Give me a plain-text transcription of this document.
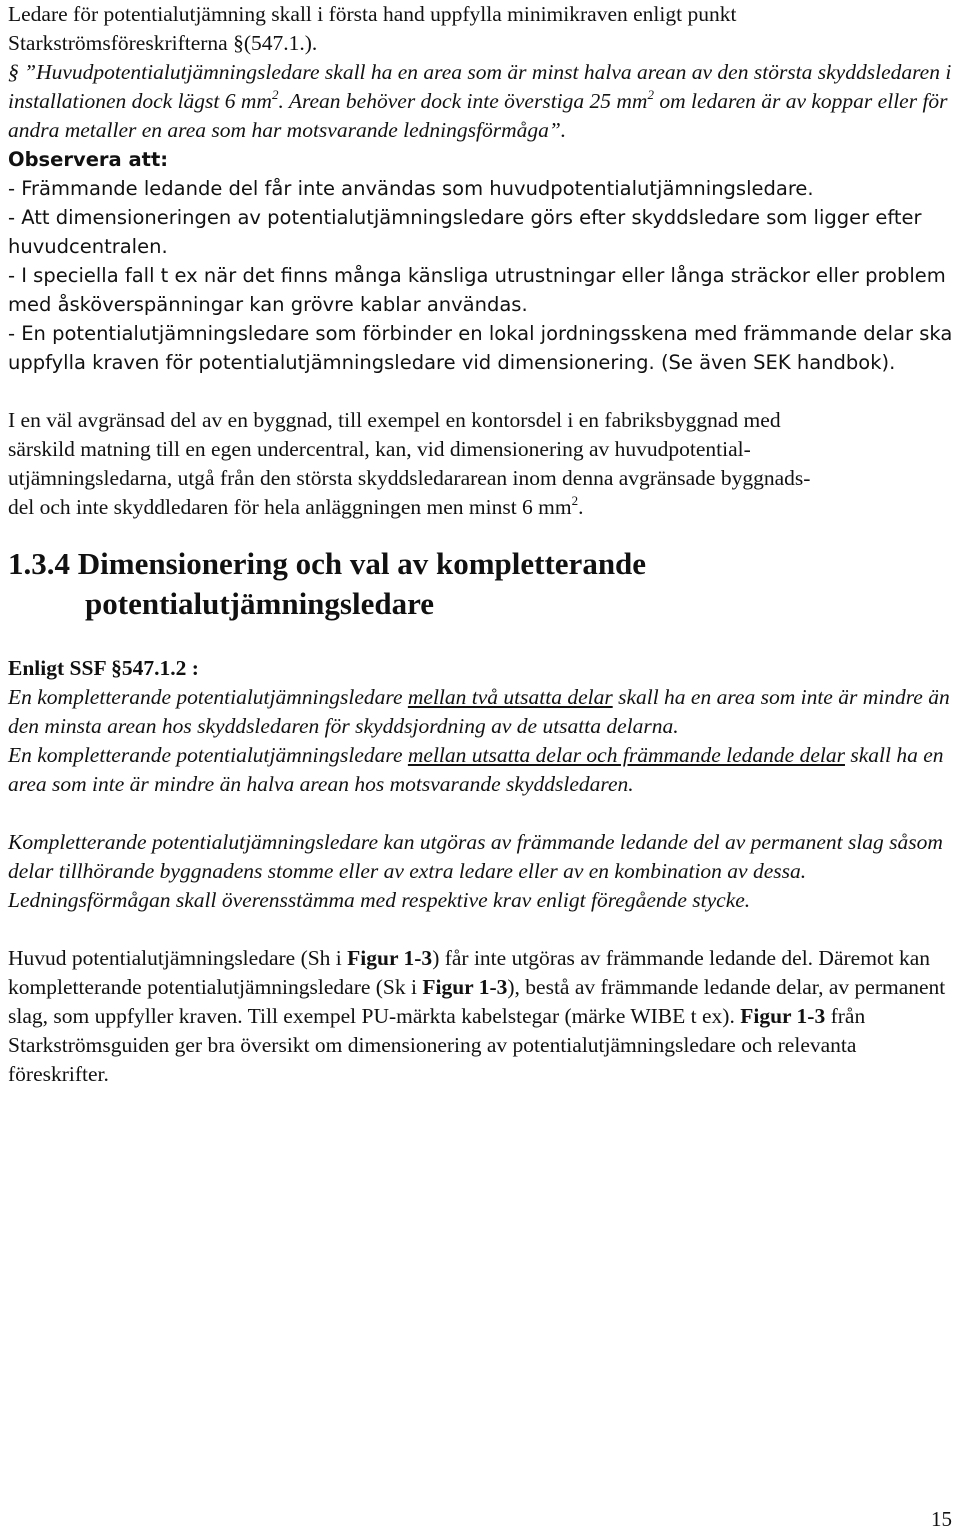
Ledare för potentialutjämning skall i första hand uppfylla minimikraven enligt punkt

Starkströmsföreskrifterna §(547.1.).

§ ”Huvudpotentialutjämningsledare skall ha en area som är minst halva arean av den största skyddsledaren i installationen dock lägst 6 $mm^2$. Arean behöver dock inte överstiga 25 $mm^2$ om ledaren är av koppar eller för andra metaller en area som har motsvarande ledningsförmåga”.

Observera att:

- Främmande ledande del får inte användas som huvudpotentialutjämningsledare.

- Att dimensioneringen av potentialutjämningsledare görs efter skyddsledare som ligger efter huvudcentralen.

- I speciella fall t ex när det finns många känsliga utrustningar eller långa sträckor eller problem med åsköverspänningar kan grövre kablar användas.

- En potentialutjämningsledare som förbinder en lokal jordningsskena med främmande delar ska uppfylla kraven för potentialutjämningsledare vid dimensionering. (Se även SEK handbok).

I en väl avgränsad del av en byggnad, till exempel en kontorsdel i en fabriksbyggnad med

särskild matning till en egen undercentral, kan, vid dimensionering av huvudpotential-

utjämningsledarna, utgå från den största skyddsledararean inom denna avgränsade byggnads-

del och inte skyddledaren för hela anläggningen men minst 6 $mm^2$.

1.3.4 Dimensionering och val av kompletterande
potentialutjämningsledare

Enligt SSF §547.1.2 :

En kompletterande potentialutjämningsledare mellan två utsatta delar skall ha en area som inte är mindre än den minsta arean hos skyddsledaren för skyddsjordning av de utsatta delarna.

En kompletterande potentialutjämningsledare mellan utsatta delar och främmande ledande delar skall ha en area som inte är mindre än halva arean hos motsvarande skyddsledaren.

Kompletterande potentialutjämningsledare kan utgöras av främmande ledande del av permanent slag såsom delar tillhörande byggnadens stomme eller av extra ledare eller av en kombination av dessa. Ledningsförmågan skall överensstämma med respektive krav enligt föregående stycke.

Huvud potentialutjämningsledare (Sh i Figur 1-3) får inte utgöras av främmande ledande del. Däremot kan kompletterande potentialutjämningsledare (Sk i Figur 1-3), bestå av främmande ledande delar, av permanent slag, som uppfyller kraven. Till exempel PU-märkta kabelstegar (märke WIBE t ex). Figur 1-3 från Starkströmsguiden ger bra översikt om dimensionering av potentialutjämningsledare och relevanta föreskrifter.

15
